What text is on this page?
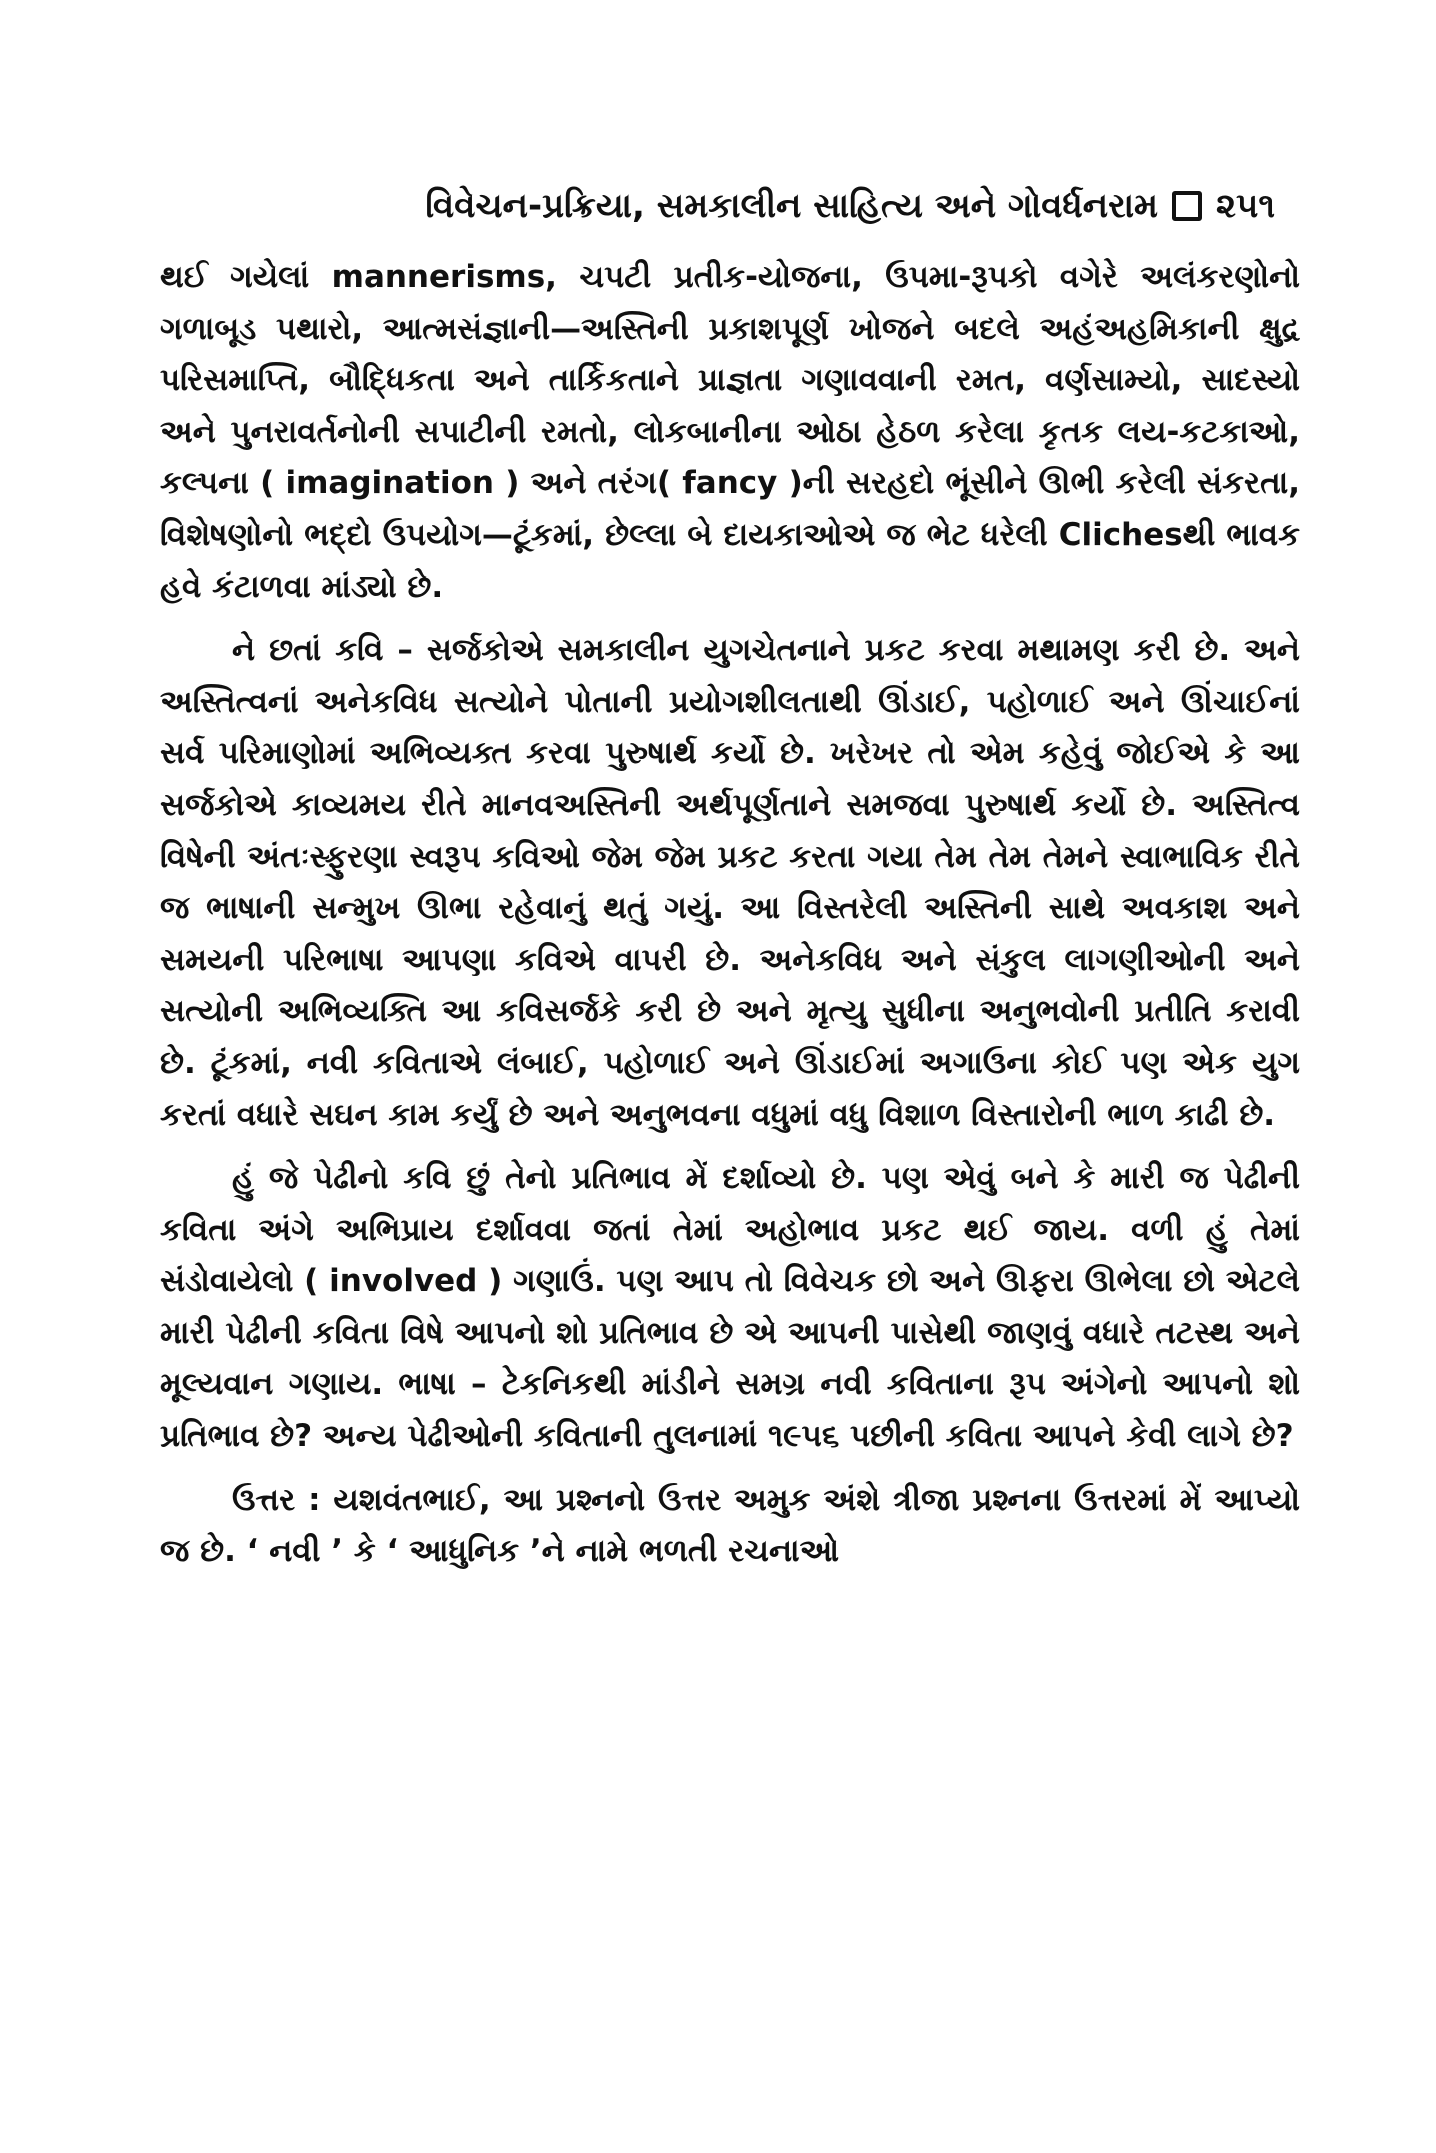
વિવેચન-પ્રક્રિયા, સમકાલીન સાહિત્ય અને ગોવર્ધનરામ ૨૫૧

થઈ ગયેલાં mannerisms, ચપટી પ્રતીક-યોજના, ઉપમા-રૂપકો વગેરે અલંકરણોનો ગળાબૂડ પથારો, આત્મસંજ્ઞાની—અસ્તિની પ્રકાશપૂર્ણ ખોજને બદલે અહંઅહમિકાની ક્ષુદ્ર પરિસમાપ્તિ, બૌદ્ધિકતા અને તાર્કિકતાને પ્રાજ્ઞતા ગણાવવાની રમત, વર્ણસામ્યો, સાદસ્યો અને પુનરાવર્તનોની સપાટીની રમતો, લોકબાનીના ઓઠા હેઠળ કરેલા કૃતક લય-કટકાઓ, કલ્પના ( imagination ) અને તરંગ( fancy )ની સરહદો ભૂંસીને ઊભી કરેલી સંકરતા, વિશેષણોનો ભદ્દો ઉપયોગ—ટૂંકમાં, છેલ્લા બે દાયકાઓએ જ ભેટ ધરેલી Clichesથી ભાવક હવે કંટાળવા માંડ્યો છે.

ને છતાં કવિ – સર્જકોએ સમકાલીન યુગચેતનાને પ્રકટ કરવા મથામણ કરી છે. અને અસ્તિત્વનાં અનેકવિધ સત્યોને પોતાની પ્રયોગશીલતાથી ઊંડાઈ, પહોળાઈ અને ઊંચાઈનાં સર્વ પરિમાણોમાં અભિવ્યક્ત કરવા પુરુષાર્થ કર્યો છે. ખરેખર તો એમ કહેવું જોઈએ કે આ સર્જકોએ કાવ્યમય રીતે માનવઅસ્તિની અર્થપૂર્ણતાને સમજવા પુરુષાર્થ કર્યો છે. અસ્તિત્વ વિષેની અંતઃસ્ફુરણા સ્વરૂપ કવિઓ જેમ જેમ પ્રકટ કરતા ગયા તેમ તેમ તેમને સ્વાભાવિક રીતે જ ભાષાની સન્મુખ ઊભા રહેવાનું થતું ગયું. આ વિસ્તરેલી અસ્તિની સાથે અવકાશ અને સમયની પરિભાષા આપણા કવિએ વાપરી છે. અનેકવિધ અને સંકુલ લાગણીઓની અને સત્યોની અભિવ્યક્તિ આ કવિસર્જકે કરી છે અને મૃત્યુ સુધીના અનુભવોની પ્રતીતિ કરાવી છે. ટૂંકમાં, નવી કવિતાએ લંબાઈ, પહોળાઈ અને ઊંડાઈમાં અગાઉના કોઈ પણ એક યુગ કરતાં વધારે સઘન કામ કર્યું છે અને અનુભવના વધુમાં વધુ વિશાળ વિસ્તારોની ભાળ કાઢી છે.

હું જે પેઢીનો કવિ છું તેનો પ્રતિભાવ મેં દર્શાવ્યો છે. પણ એવું બને કે મારી જ પેઢીની કવિતા અંગે અભિપ્રાય દર્શાવવા જતાં તેમાં અહોભાવ પ્રકટ થઈ જાય. વળી હું તેમાં સંડોવાયેલો ( involved ) ગણાઉં. પણ આપ તો વિવેચક છો અને ઊફરા ઊભેલા છો એટલે મારી પેઢીની કવિતા વિષે આપનો શો પ્રતિભાવ છે એ આપની પાસેથી જાણવું વધારે તટસ્થ અને મૂલ્યવાન ગણાય. ભાષા – ટેકનિકથી માંડીને સમગ્ર નવી કવિતાના રૂપ અંગેનો આપનો શો પ્રતિભાવ છે? અન્ય પેઢીઓની કવિતાની તુલનામાં ૧૯૫૬ પછીની કવિતા આપને કેવી લાગે છે?

ઉત્તર : યશવંતભાઈ, આ પ્રશ્નનો ઉત્તર અમુક અંશે ત્રીજા પ્રશ્નના ઉત્તરમાં મેં આપ્યો જ છે. ‘ નવી ’ કે ‘ આધુનિક ’ને નામે ભળતી રચનાઓ
